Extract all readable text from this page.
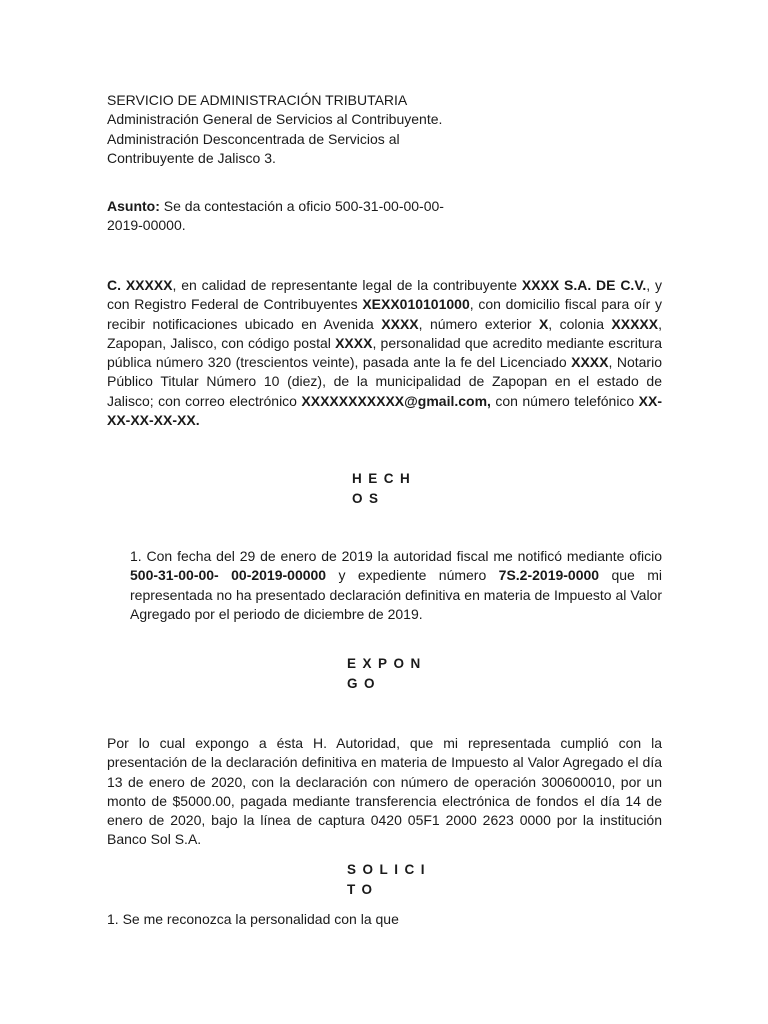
SERVICIO DE ADMINISTRACIÓN TRIBUTARIA
Administración General de Servicios al Contribuyente.
Administración Desconcentrada de Servicios al
Contribuyente de Jalisco 3.
Asunto: Se da contestación a oficio 500-31-00-00-00-
2019-00000.
C. XXXXX, en calidad de representante legal de la contribuyente XXXX S.A. DE C.V., y con Registro Federal de Contribuyentes XEXX010101000, con domicilio fiscal para oír y recibir notificaciones ubicado en Avenida XXXX, número exterior X, colonia XXXXX, Zapopan, Jalisco, con código postal XXXX, personalidad que acredito mediante escritura pública número 320 (trescientos veinte), pasada ante la fe del Licenciado XXXX, Notario Público Titular Número 10 (diez), de la municipalidad de Zapopan en el estado de Jalisco; con correo electrónico XXXXXXXXXXX@gmail.com, con número telefónico XX-XX-XX-XX-XX.
HECH
OS
1. Con fecha del 29 de enero de 2019 la autoridad fiscal me notificó mediante oficio 500-31-00-00- 00-2019-00000 y expediente número 7S.2-2019-0000 que mi representada no ha presentado declaración definitiva en materia de Impuesto al Valor Agregado por el periodo de diciembre de 2019.
EXPON
GO
Por lo cual expongo a ésta H. Autoridad, que mi representada cumplió con la presentación de la declaración definitiva en materia de Impuesto al Valor Agregado el día 13 de enero de 2020, con la declaración con número de operación 300600010, por un monto de $5000.00, pagada mediante transferencia electrónica de fondos el día 14 de enero de 2020, bajo la línea de captura 0420 05F1 2000 2623 0000 por la institución Banco Sol S.A.
SOLICI
TO
1. Se me reconozca la personalidad con la que
